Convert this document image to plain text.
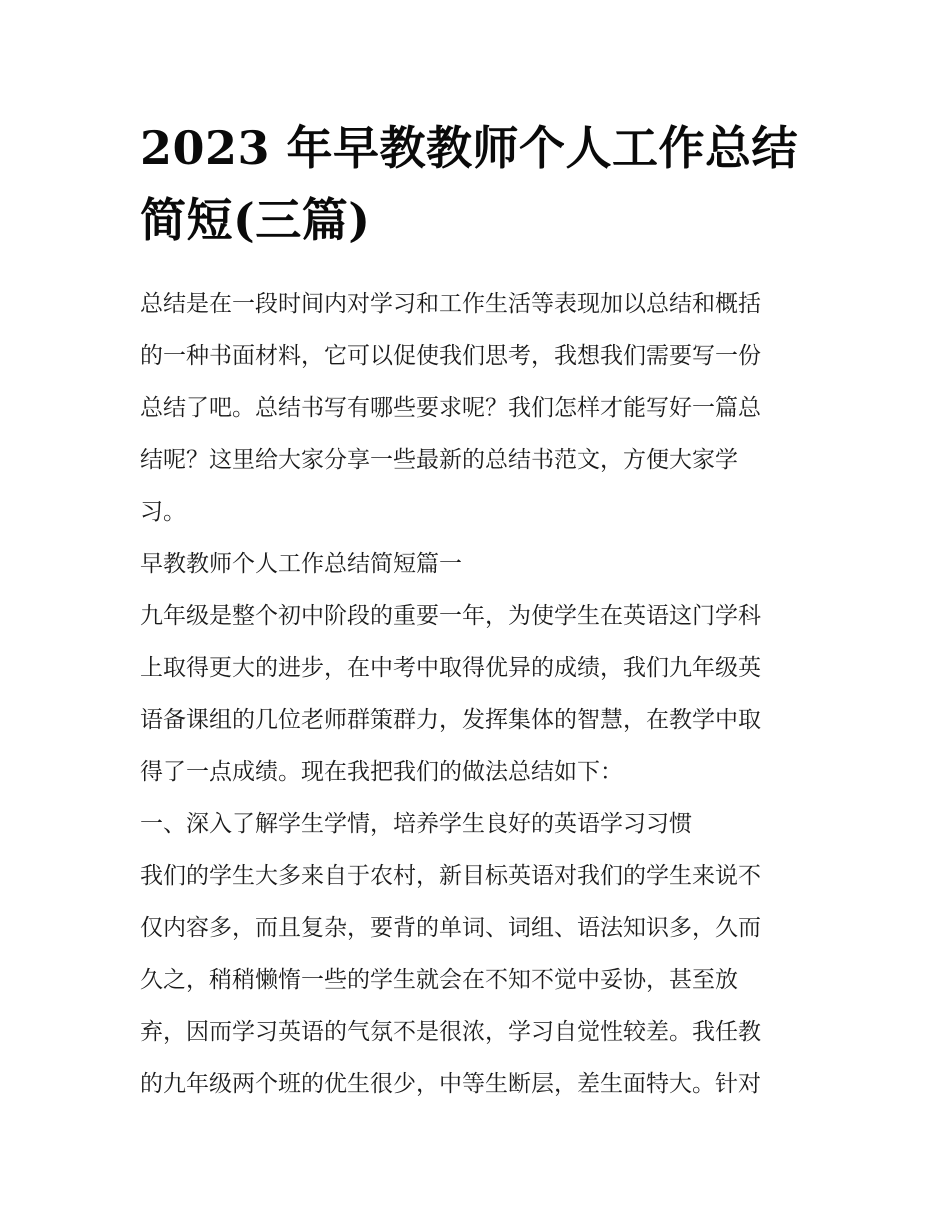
2023 年早教教师个人工作总结
简短(三篇)
总结是在一段时间内对学习和工作生活等表现加以总结和概括
的一种书面材料，它可以促使我们思考，我想我们需要写一份
总结了吧。总结书写有哪些要求呢？我们怎样才能写好一篇总
结呢？这里给大家分享一些最新的总结书范文，方便大家学
习。
早教教师个人工作总结简短篇一
九年级是整个初中阶段的重要一年，为使学生在英语这门学科
上取得更大的进步，在中考中取得优异的成绩，我们九年级英
语备课组的几位老师群策群力，发挥集体的智慧，在教学中取
得了一点成绩。现在我把我们的做法总结如下：
一、深入了解学生学情，培养学生良好的英语学习习惯
我们的学生大多来自于农村，新目标英语对我们的学生来说不
仅内容多，而且复杂，要背的单词、词组、语法知识多，久而
久之，稍稍懒惰一些的学生就会在不知不觉中妥协，甚至放
弃，因而学习英语的气氛不是很浓，学习自觉性较差。我任教
的九年级两个班的优生很少，中等生断层，差生面特大。针对
